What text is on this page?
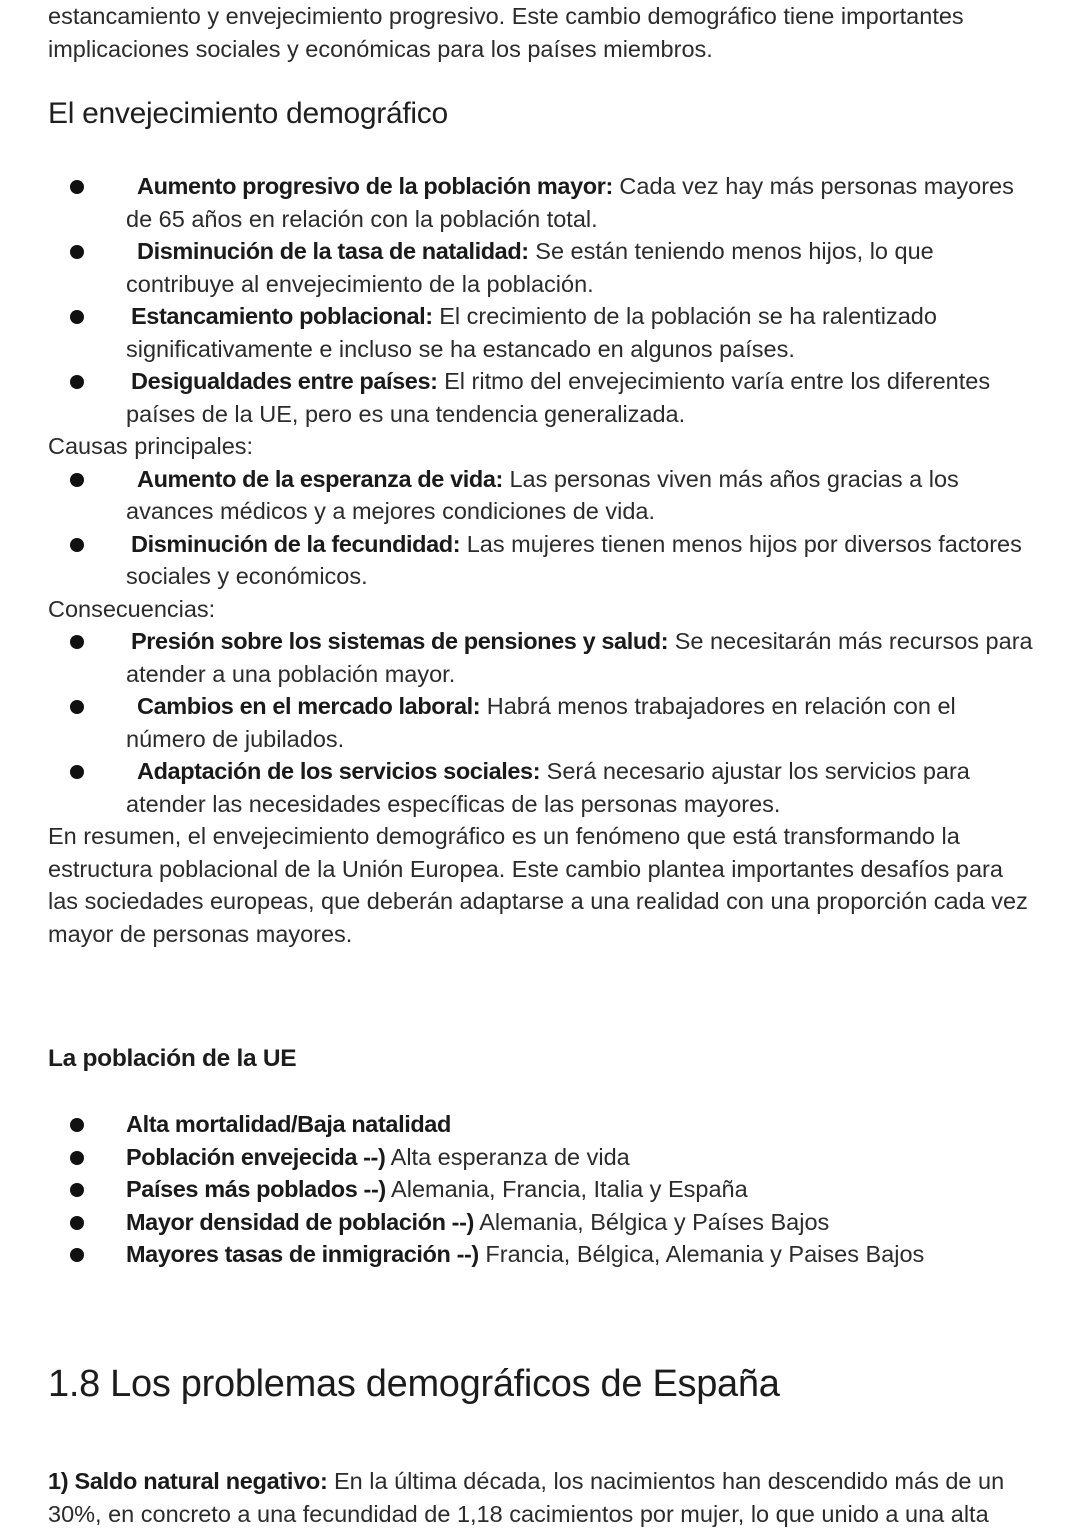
estancamiento y envejecimiento progresivo. Este cambio demográfico tiene importantes implicaciones sociales y económicas para los países miembros.

El envejecimiento demográfico
Aumento progresivo de la población mayor: Cada vez hay más personas mayores de 65 años en relación con la población total.
Disminución de la tasa de natalidad: Se están teniendo menos hijos, lo que contribuye al envejecimiento de la población.
Estancamiento poblacional: El crecimiento de la población se ha ralentizado significativamente e incluso se ha estancado en algunos países.
Desigualdades entre países: El ritmo del envejecimiento varía entre los diferentes países de la UE, pero es una tendencia generalizada.

Causas principales:

Aumento de la esperanza de vida: Las personas viven más años gracias a los avances médicos y a mejores condiciones de vida.
Disminución de la fecundidad: Las mujeres tienen menos hijos por diversos factores sociales y económicos.

Consecuencias:

Presión sobre los sistemas de pensiones y salud: Se necesitarán más recursos para atender a una población mayor.
Cambios en el mercado laboral: Habrá menos trabajadores en relación con el número de jubilados.
Adaptación de los servicios sociales: Será necesario ajustar los servicios para atender las necesidades específicas de las personas mayores.

En resumen, el envejecimiento demográfico es un fenómeno que está transformando la estructura poblacional de la Unión Europea. Este cambio plantea importantes desafíos para las sociedades europeas, que deberán adaptarse a una realidad con una proporción cada vez mayor de personas mayores.

La población de la UE

Alta mortalidad/Baja natalidad
Población envejecida --) Alta esperanza de vida
Países más poblados --) Alemania, Francia, Italia y España
Mayor densidad de población --) Alemania, Bélgica y Países Bajos
Mayores tasas de inmigración --) Francia, Bélgica, Alemania y Paises Bajos
1.8 Los problemas demográficos de España

1) Saldo natural negativo: En la última década, los nacimientos han descendido más de un 30%, en concreto a una fecundidad de 1,18 cacimientos por mujer, lo que unido a una alta
